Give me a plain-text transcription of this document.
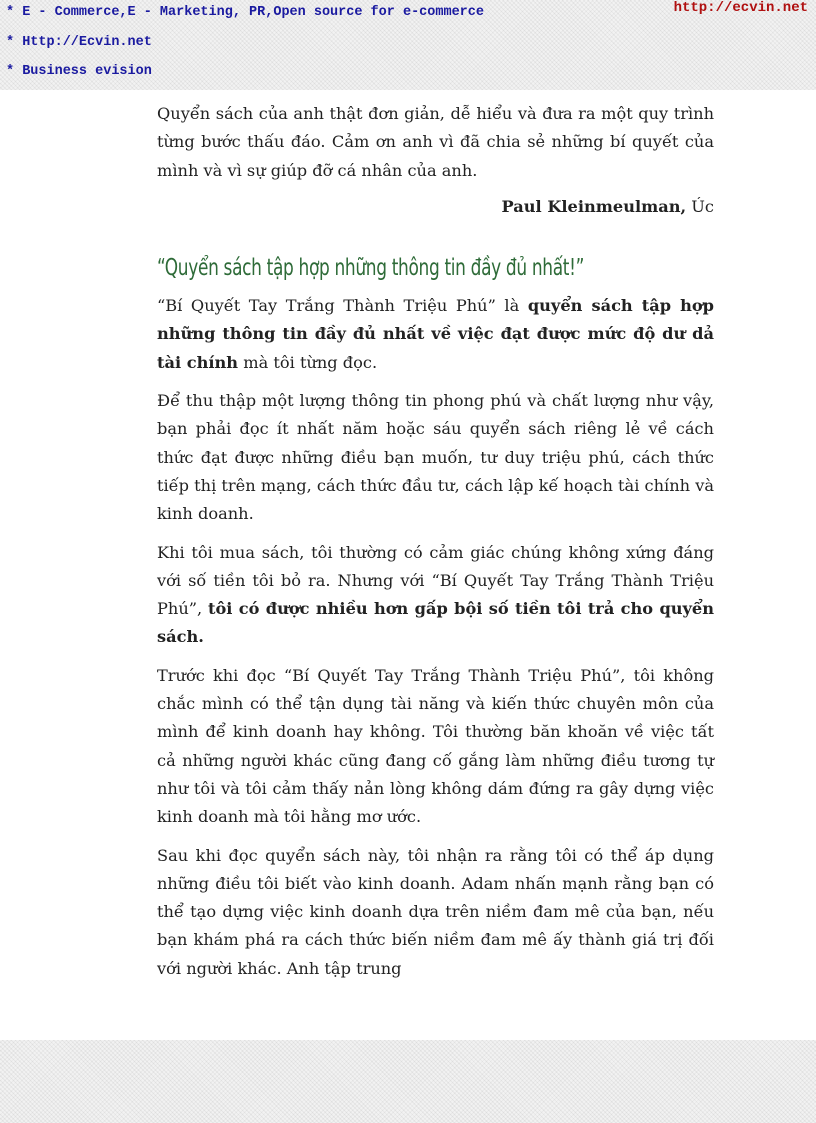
* E - Commerce,E - Marketing, PR,Open source for e-commerce
* Http://Ecvin.net
* Business evision
http://ecvin.net

Quyển sách của anh thật đơn giản, dễ hiểu và đưa ra một quy trình từng bước thấu đáo. Cảm ơn anh vì đã chia sẻ những bí quyết của mình và vì sự giúp đỡ cá nhân của anh.

Paul Kleinmeulman, Úc

“Quyển sách tập hợp những thông tin đầy đủ nhất!”

“Bí Quyết Tay Trắng Thành Triệu Phú” là quyển sách tập hợp những thông tin đầy đủ nhất về việc đạt được mức độ dư dả tài chính mà tôi từng đọc.

Để thu thập một lượng thông tin phong phú và chất lượng như vậy, bạn phải đọc ít nhất năm hoặc sáu quyển sách riêng lẻ về cách thức đạt được những điều bạn muốn, tư duy triệu phú, cách thức tiếp thị trên mạng, cách thức đầu tư, cách lập kế hoạch tài chính và kinh doanh.

Khi tôi mua sách, tôi thường có cảm giác chúng không xứng đáng với số tiền tôi bỏ ra. Nhưng với “Bí Quyết Tay Trắng Thành Triệu Phú”, tôi có được nhiều hơn gấp bội số tiền tôi trả cho quyển sách.

Trước khi đọc “Bí Quyết Tay Trắng Thành Triệu Phú”, tôi không chắc mình có thể tận dụng tài năng và kiến thức chuyên môn của mình để kinh doanh hay không. Tôi thường băn khoăn về việc tất cả những người khác cũng đang cố gắng làm những điều tương tự như tôi và tôi cảm thấy nản lòng không dám đứng ra gây dựng việc kinh doanh mà tôi hằng mơ ước.

Sau khi đọc quyển sách này, tôi nhận ra rằng tôi có thể áp dụng những điều tôi biết vào kinh doanh. Adam nhấn mạnh rằng bạn có thể tạo dựng việc kinh doanh dựa trên niềm đam mê của bạn, nếu bạn khám phá ra cách thức biến niềm đam mê ấy thành giá trị đối với người khác. Anh tập trung
